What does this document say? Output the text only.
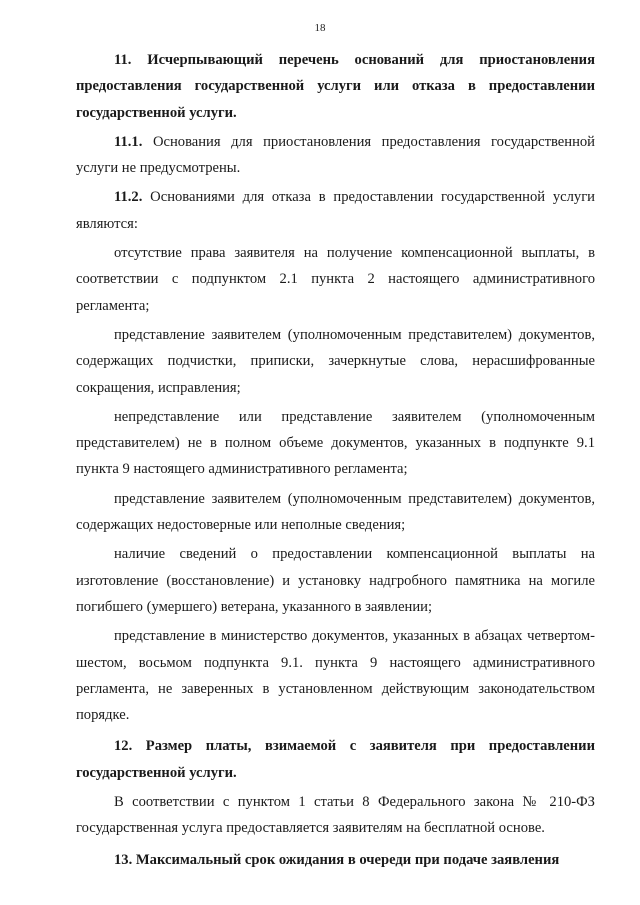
18

11. Исчерпывающий перечень оснований для приостановления предоставления государственной услуги или отказа в предоставлении государственной услуги.

11.1. Основания для приостановления предоставления государственной услуги не предусмотрены.

11.2. Основаниями для отказа в предоставлении государственной услуги являются:

отсутствие права заявителя на получение компенсационной выплаты, в соответствии с подпунктом 2.1 пункта 2 настоящего административного регламента;

представление заявителем (уполномоченным представителем) документов, содержащих подчистки, приписки, зачеркнутые слова, нерасшифрованные сокращения, исправления;

непредставление или представление заявителем (уполномоченным представителем) не в полном объеме документов, указанных в подпункте 9.1 пункта 9 настоящего административного регламента;

представление заявителем (уполномоченным представителем) документов, содержащих недостоверные или неполные сведения;

наличие сведений о предоставлении компенсационной выплаты на изготовление (восстановление) и установку надгробного памятника на могиле погибшего (умершего) ветерана, указанного в заявлении;

представление в министерство документов, указанных в абзацах четвертом-шестом, восьмом подпункта 9.1. пункта 9 настоящего административного регламента, не заверенных в установленном действующим законодательством порядке.

12. Размер платы, взимаемой с заявителя при предоставлении государственной услуги.

В соответствии с пунктом 1 статьи 8 Федерального закона № 210-ФЗ государственная услуга предоставляется заявителям на бесплатной основе.

13. Максимальный срок ожидания в очереди при подаче заявления
